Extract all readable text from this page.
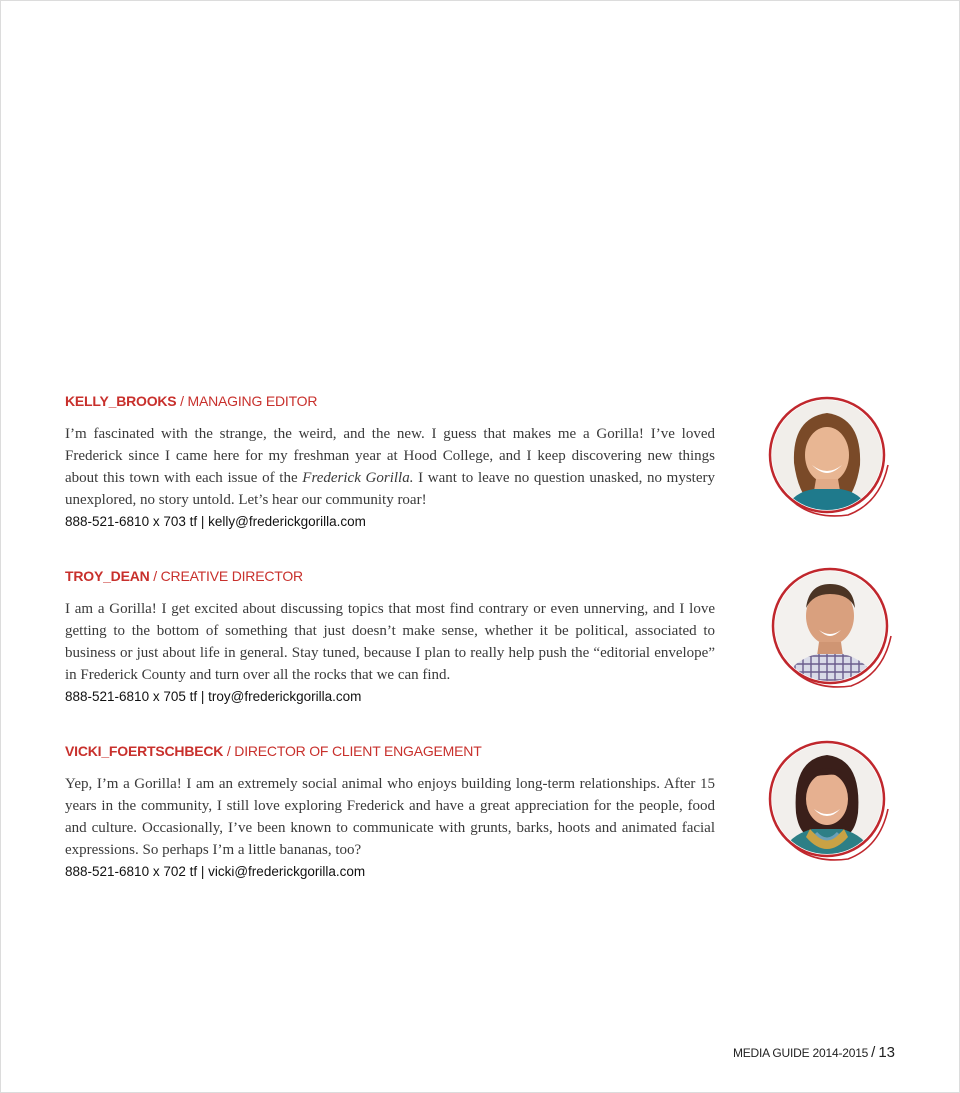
KELLY_BROOKS / MANAGING EDITOR

I’m fascinated with the strange, the weird, and the new. I guess that makes me a Gorilla! I’ve loved Frederick since I came here for my freshman year at Hood College, and I keep discovering new things about this town with each issue of the Frederick Gorilla. I want to leave no question unasked, no mystery unexplored, no story untold. Let’s hear our community roar!

888-521-6810 x 703 tf | kelly@frederickgorilla.com
TROY_DEAN / CREATIVE DIRECTOR

I am a Gorilla! I get excited about discussing topics that most find contrary or even unnerving, and I love getting to the bottom of something that just doesn’t make sense, whether it be political, associated to business or just about life in general. Stay tuned, because I plan to really help push the “editorial envelope” in Frederick County and turn over all the rocks that we can find.

888-521-6810 x 705 tf | troy@frederickgorilla.com
VICKI_FOERTSCHBECK / DIRECTOR OF CLIENT ENGAGEMENT

Yep, I’m a Gorilla! I am an extremely social animal who enjoys building long-term relationships. After 15 years in the community, I still love exploring Frederick and have a great appreciation for the people, food and culture. Occasionally, I’ve been known to communicate with grunts, barks, hoots and animated facial expressions. So perhaps I’m a little bananas, too?

888-521-6810 x 702 tf | vicki@frederickgorilla.com
MEDIA GUIDE 2014-2015 / 13
